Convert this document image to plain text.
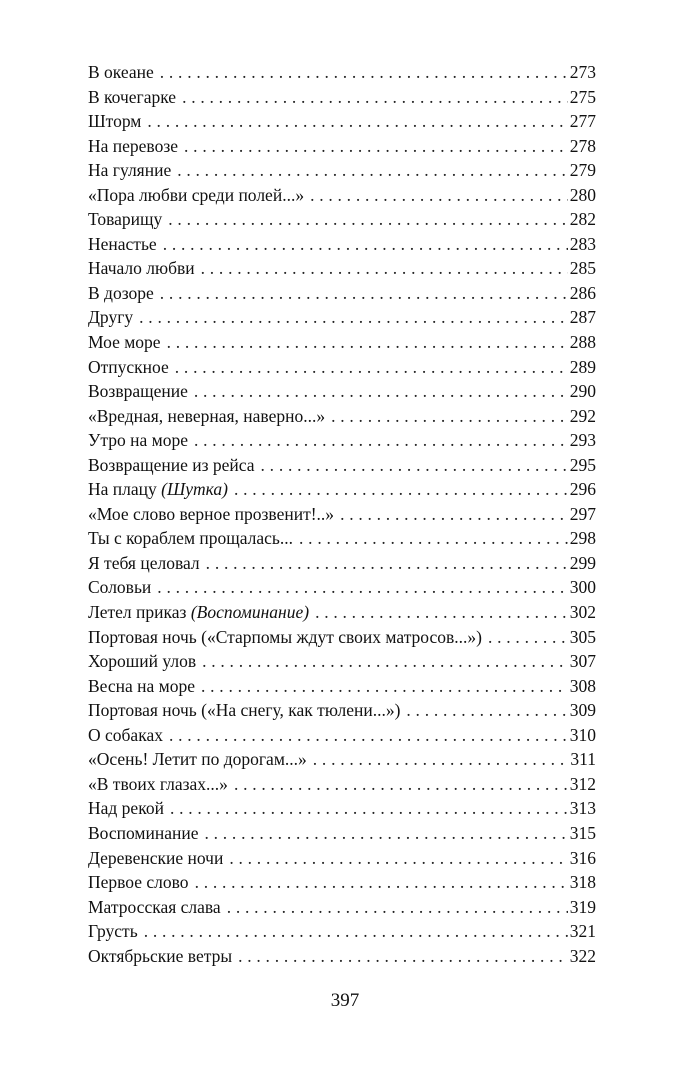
В океане . . .	273
В кочегарке . . .	275
Шторм . . .	277
На перевозе . . .	278
На гуляние . . .	279
«Пора любви среди полей...» . . .	280
Товарищу . . .	282
Ненастье . . .	283
Начало любви . . .	285
В дозоре . . .	286
Другу . . .	287
Мое море . . .	288
Отпускное . . .	289
Возвращение . . .	290
«Вредная, неверная, наверно...» . . .	292
Утро на море . . .	293
Возвращение из рейса . . .	295
На плацу (Шутка) . . .	296
«Мое слово верное прозвенит!..» . . .	297
Ты с кораблем прощалась... . . .	298
Я тебя целовал . . .	299
Соловьи . . .	300
Летел приказ (Воспоминание) . . .	302
Портовая ночь («Старпомы ждут своих матросов...») . . .	305
Хороший улов . . .	307
Весна на море . . .	308
Портовая ночь («На снегу, как тюлени...») . . .	309
О собаках . . .	310
«Осень! Летит по дорогам...» . . .	311
«В твоих глазах...» . . .	312
Над рекой . . .	313
Воспоминание . . .	315
Деревенские ночи . . .	316
Первое слово . . .	318
Матросская слава . . .	319
Грусть . . .	321
Октябрьские ветры . . .	322
397
